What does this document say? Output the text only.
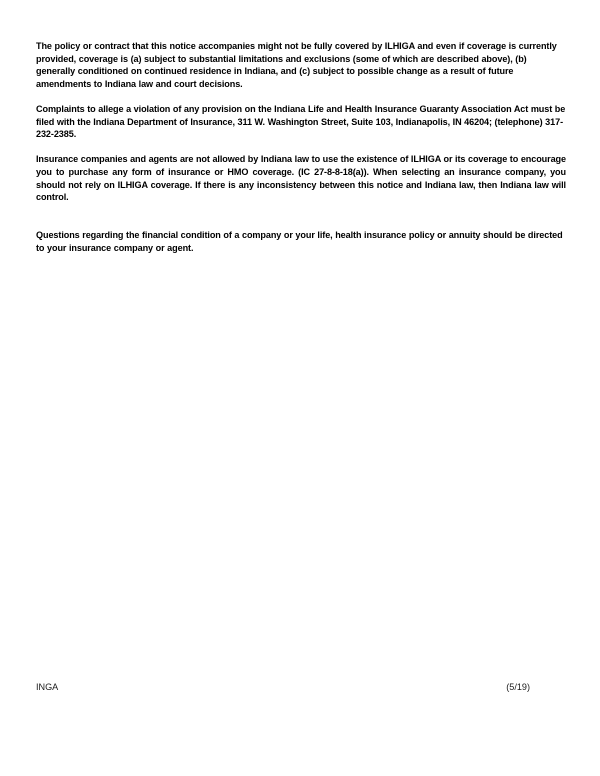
The policy or contract that this notice accompanies might not be fully covered by ILHIGA and even if coverage is currently provided, coverage is (a) subject to substantial limitations and exclusions (some of which are described above), (b) generally conditioned on continued residence in Indiana, and (c) subject to possible change as a result of future amendments to Indiana law and court decisions.

Complaints to allege a violation of any provision on the Indiana Life and Health Insurance Guaranty Association Act must be filed with the Indiana Department of Insurance, 311 W. Washington Street, Suite 103, Indianapolis, IN 46204; (telephone) 317-232-2385.

Insurance companies and agents are not allowed by Indiana law to use the existence of ILHIGA or its coverage to encourage you to purchase any form of insurance or HMO coverage. (IC 27-8-8-18(a)). When selecting an insurance company, you should not rely on ILHIGA coverage. If there is any inconsistency between this notice and Indiana law, then Indiana law will control.

Questions regarding the financial condition of a company or your life, health insurance policy or annuity should be directed to your insurance company or agent.

INGA	(5/19)
